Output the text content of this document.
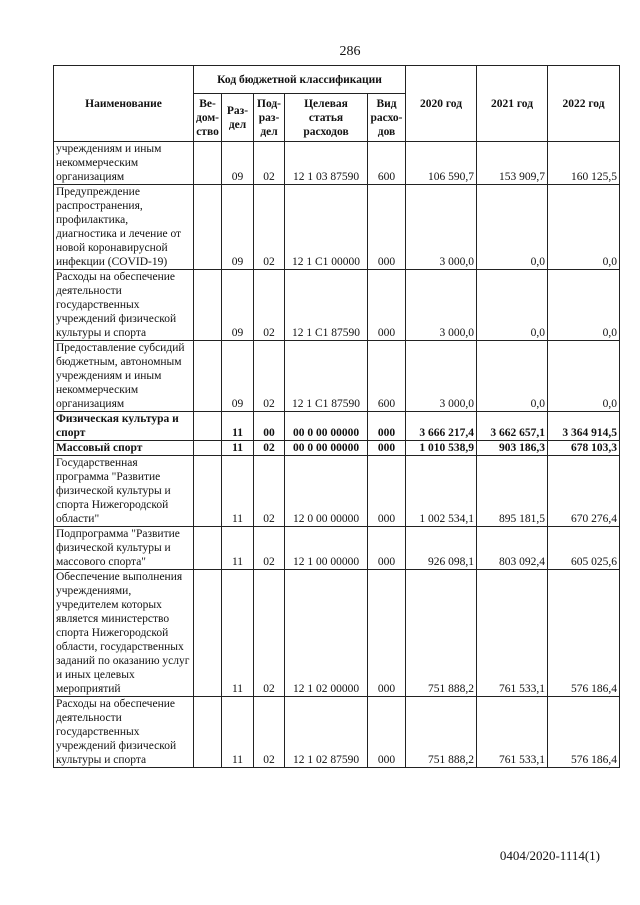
286
Наименование	Код бюджетной классификации					2020 год	2021 год	2022 год
	Ве- дом- ство	Раз- дел	Под- раз- дел	Целевая статья расходов	Вид расхо- дов			
учреждениям и иным некоммерческим организациям		09	02	12 1 03 87590	600	106 590,7	153 909,7	160 125,5
Предупреждение распространения, профилактика, диагностика и лечение от новой коронавирусной инфекции (COVID-19)		09	02	12 1 С1 00000	000	3 000,0	0,0	0,0
Расходы на обеспечение деятельности государственных учреждений физической культуры и спорта		09	02	12 1 С1 87590	000	3 000,0	0,0	0,0
Предоставление субсидий бюджетным, автономным учреждениям и иным некоммерческим организациям		09	02	12 1 С1 87590	600	3 000,0	0,0	0,0
Физическая культура и спорт		11	00	00 0 00 00000	000	3 666 217,4	3 662 657,1	3 364 914,5
Массовый спорт		11	02	00 0 00 00000	000	1 010 538,9	903 186,3	678 103,3
Государственная программа "Развитие физической культуры и спорта Нижегородской области"		11	02	12 0 00 00000	000	1 002 534,1	895 181,5	670 276,4
Подпрограмма "Развитие физической культуры и массового спорта"		11	02	12 1 00 00000	000	926 098,1	803 092,4	605 025,6
Обеспечение выполнения учреждениями, учредителем которых является министерство спорта Нижегородской области, государственных заданий по оказанию услуг и иных целевых мероприятий		11	02	12 1 02 00000	000	751 888,2	761 533,1	576 186,4
Расходы на обеспечение деятельности государственных учреждений физической культуры и спорта		11	02	12 1 02 87590	000	751 888,2	761 533,1	576 186,4
0404/2020-1114(1)
